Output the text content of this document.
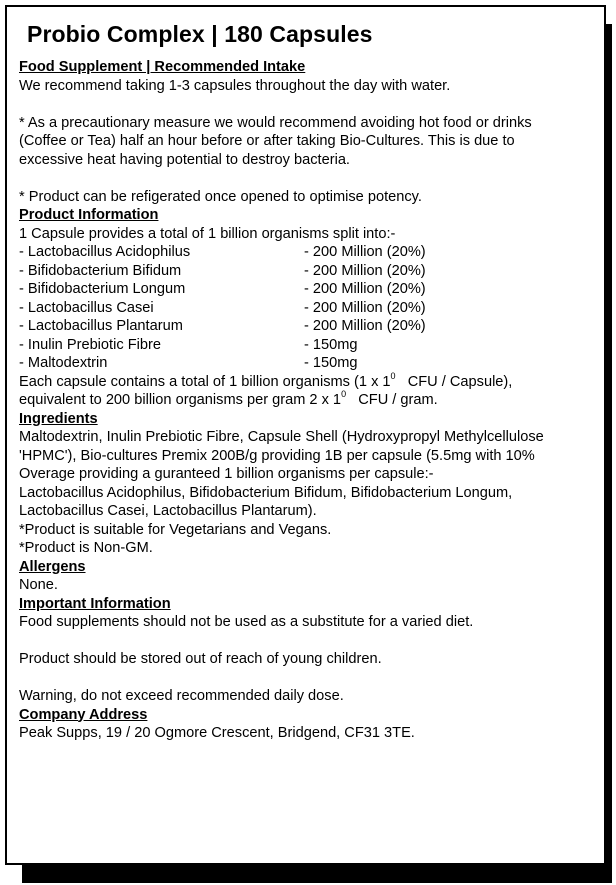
Probio Complex | 180 Capsules
Food Supplement | Recommended Intake
We recommend taking 1-3 capsules throughout the day with water.
* As a precautionary measure we would recommend avoiding hot food or drinks
(Coffee or Tea) half an hour before or after taking Bio-Cultures. This is due to
excessive heat having potential to destroy bacteria.
* Product can be refigerated once opened to optimise potency.
Product Information
1 Capsule provides a total of 1 billion organisms split into:-
- Lactobacillus Acidophilus	- 200 Million (20%)
- Bifidobacterium Bifidum	- 200 Million (20%)
- Bifidobacterium Longum	- 200 Million (20%)
- Lactobacillus Casei	- 200 Million (20%)
- Lactobacillus Plantarum	- 200 Million (20%)
- Inulin Prebiotic Fibre	- 150mg
- Maltodextrin	- 150mg
Each capsule contains a total of 1 billion organisms (1 x $1^0$   CFU / Capsule),
equivalent to 200 billion organisms per gram 2 x $1^0$   CFU / gram.
Ingredients
Maltodextrin, Inulin Prebiotic Fibre, Capsule Shell (Hydroxypropyl Methylcellulose
'HPMC'), Bio-cultures Premix 200B/g providing 1B per capsule (5.5mg with 10%
Overage providing a guranteed 1 billion organisms per capsule:-
Lactobacillus Acidophilus, Bifidobacterium Bifidum, Bifidobacterium Longum,
Lactobacillus Casei, Lactobacillus Plantarum).
*Product is suitable for Vegetarians and Vegans.
*Product is Non-GM.
Allergens
None.
Important Information
Food supplements should not be used as a substitute for a varied diet.
Product should be stored out of reach of young children.
Warning, do not exceed recommended daily dose.
Company Address
Peak Supps, 19 / 20 Ogmore Crescent, Bridgend, CF31 3TE.
